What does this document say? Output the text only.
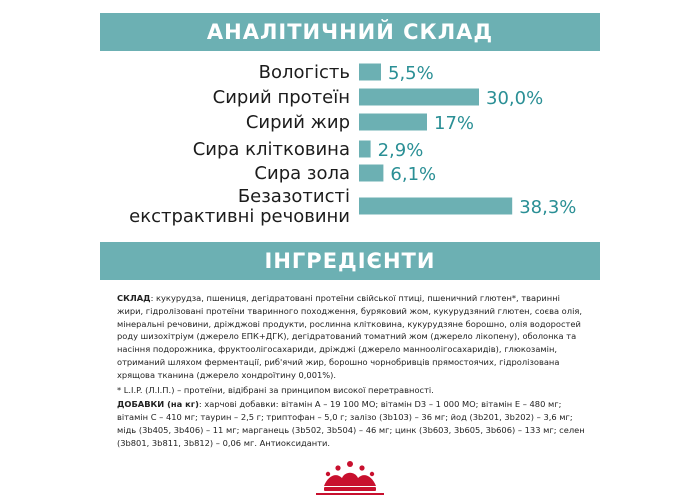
АНАЛІТИЧНИЙ СКЛАД
Вологість 5,5%
Сирий протеїн	30,0%
Сирий жир	17%
Сира клітковина 2,9%
Сира зола 6,1%
Безазотисті екстрактивні речовини	38,3%
ІНГРЕДІЄНТИ

СКЛАД: кукурудза, пшениця, дегідратовані протеїни свійської птиці, пшеничний глютен*, тваринні жири, гідролізовані протеїни тваринного походження, буряковий жом, кукурудзяний глютен, соєва олія, мінеральні речовини, дріжджові продукти, рослинна клітковина, кукурудзяне борошно, олія водоростей роду шизохітріум (джерело ЕПК+ДГК), дегідратований томатний жом (джерело лікопену), оболонка та насіння подорожника, фруктоолігосахариди, дріжджі (джерело манноолігосахаридів), глюкозамін, отриманий шляхом ферментації, риб'ячий жир, борошно чорнобривців прямостоячих, гідролізована хрящова тканина (джерело хондроїтину 0,001%).

* L.I.P. (Л.І.П.) – протеїни, відібрані за принципом високої перетравності.

ДОБАВКИ (на кг): харчові добавки: вітамін A – 19 100 МО; вітамін D3 – 1 000 МО; вітамін E – 480 мг; вітамін C – 410 мг; таурин – 2,5 г; триптофан – 5,0 г; залізо (3b103) – 36 мг; йод (3b201, 3b202) – 3,6 мг; мідь (3b405, 3b406) – 11 мг; марганець (3b502, 3b504) – 46 мг; цинк (3b603, 3b605, 3b606) – 133 мг; селен (3b801, 3b811, 3b812) – 0,06 мг. Антиоксиданти.
